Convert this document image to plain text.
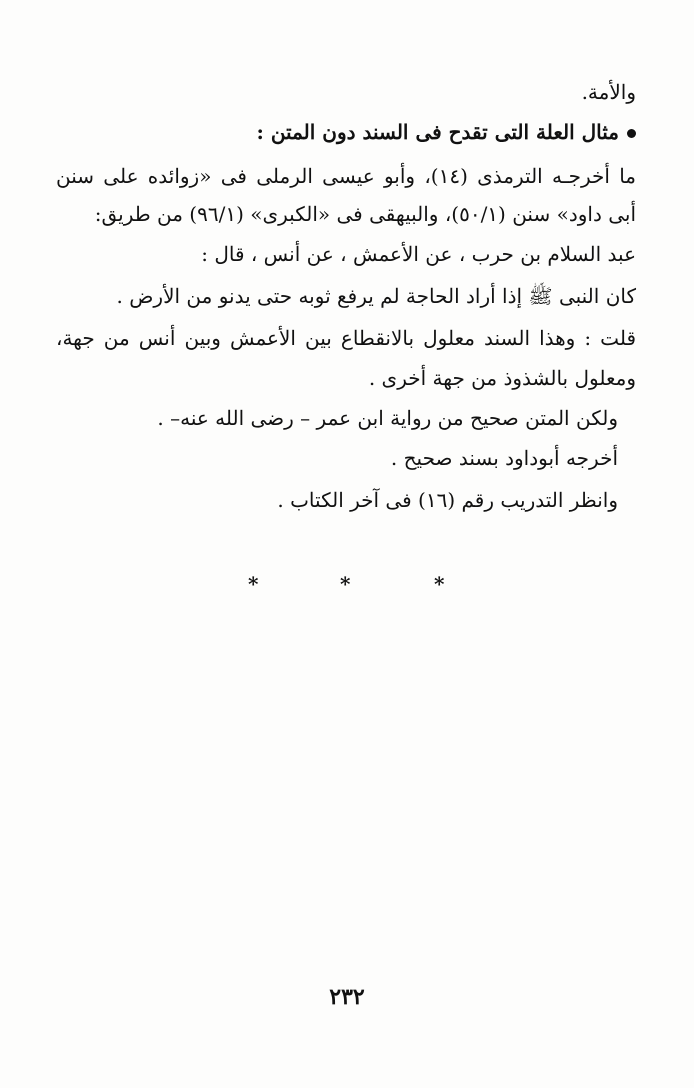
والأمة.
مثال العلة التى تقدح فى السند دون المتن :
ما أخرجـه الترمذى (١٤)، وأبو عيسى الرملى فى «زوائده على سنن
أبى داود» سنن (٥٠/١)، والبيهقى فى «الكبرى» (٩٦/١) من طريق:
عبد السلام بن حرب ، عن الأعمش ، عن أنس ، قال :
كان النبى ﷺ إذا أراد الحاجة لم يرفع ثوبه حتى يدنو من الأرض .
قلت : وهذا السند معلول بالانقطاع بين الأعمش وبين أنس من جهة،
ومعلول بالشذوذ من جهة أخرى .
ولكن المتن صحيح من رواية ابن عمر – رضى الله عنه– .
أخرجه أبوداود بسند صحيح .
وانظر التدريب رقم (١٦) فى آخر الكتاب .
*
*
*
٢٣٢
